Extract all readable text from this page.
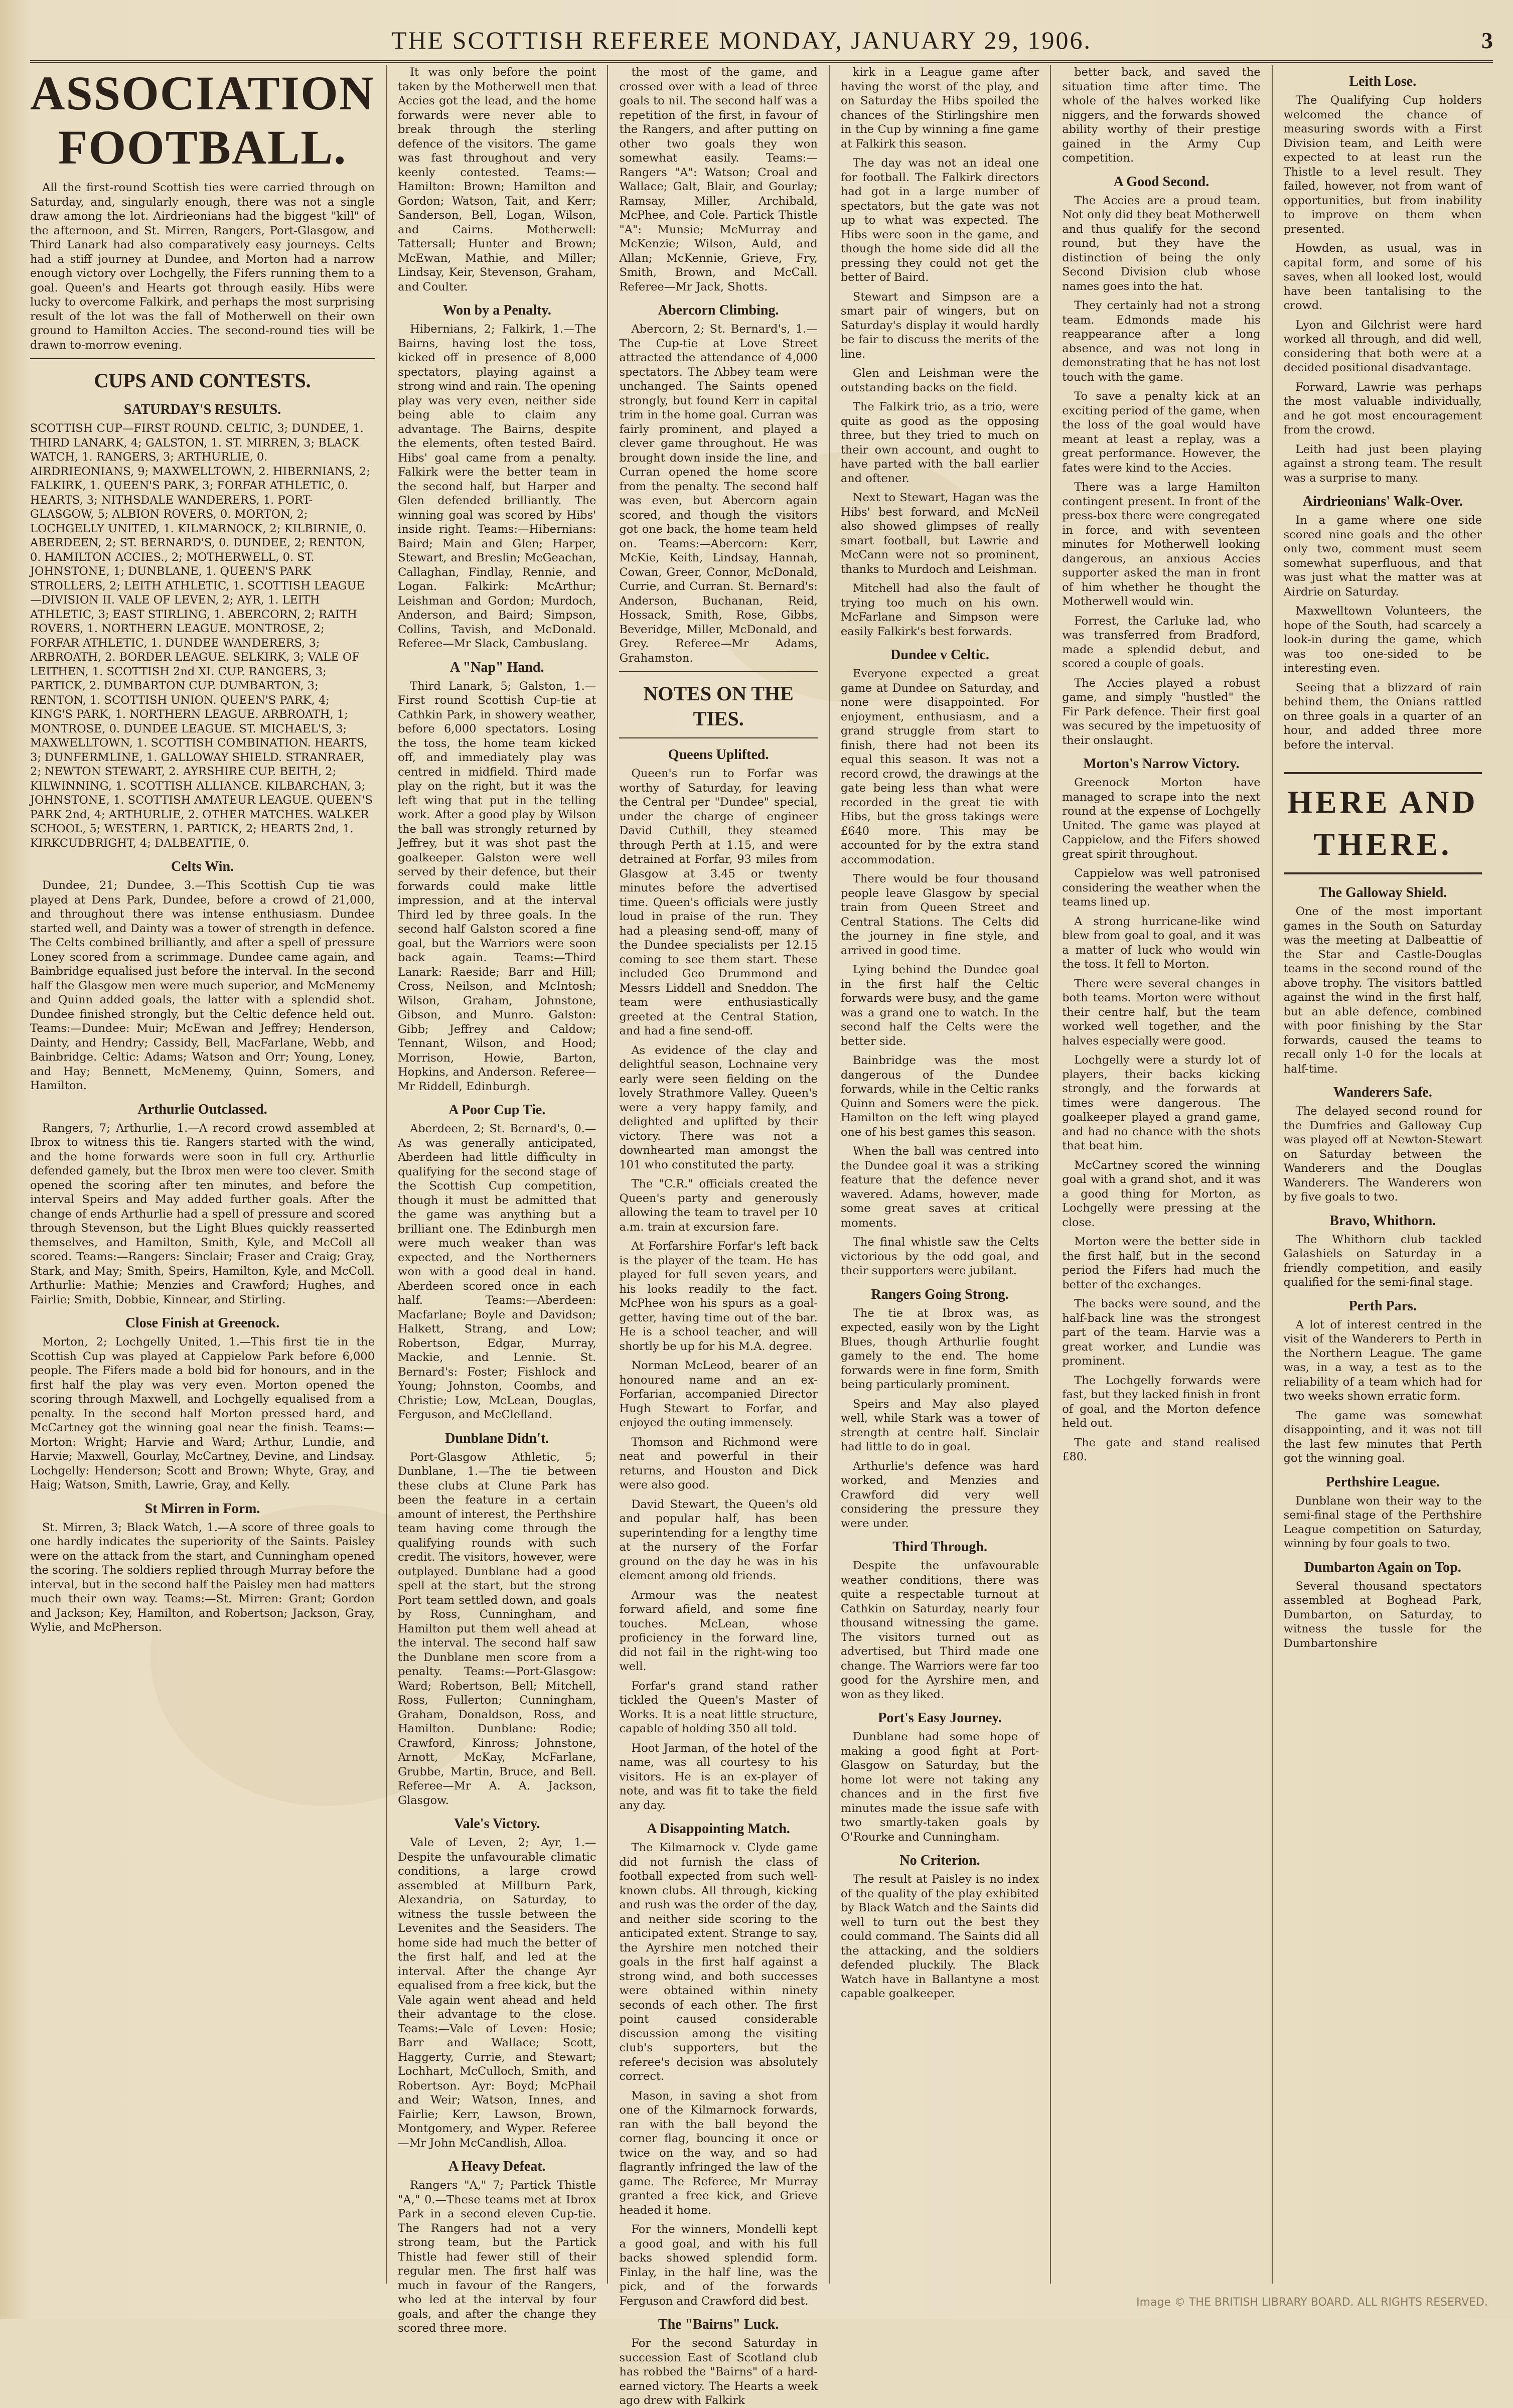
THE SCOTTISH REFEREE MONDAY, JANUARY 29, 1906.	3
ASSOCIATION FOOTBALL.

All the first-round Scottish ties were carried through on Saturday, and, singularly enough, there was not a single draw among the lot. Airdrieonians had the biggest "kill" of the afternoon, and St. Mirren, Rangers, Port-Glasgow, and Third Lanark had also comparatively easy journeys. Celts had a stiff journey at Dundee, and Morton had a narrow enough victory over Lochgelly, the Fifers running them to a goal. Queen's and Hearts got through easily. Hibs were lucky to overcome Falkirk, and perhaps the most surprising result of the lot was the fall of Motherwell on their own ground to Hamilton Accies. The second-round ties will be drawn to-morrow evening.

CUPS AND CONTESTS.
SATURDAY'S RESULTS.

SCOTTISH CUP—FIRST ROUND. CELTIC, 3; DUNDEE, 1. THIRD LANARK, 4; GALSTON, 1. ST. MIRREN, 3; BLACK WATCH, 1. RANGERS, 3; ARTHURLIE, 0. AIRDRIEONIANS, 9; MAXWELLTOWN, 2. HIBERNIANS, 2; FALKIRK, 1. QUEEN'S PARK, 3; FORFAR ATHLETIC, 0. HEARTS, 3; NITHSDALE WANDERERS, 1. PORT-GLASGOW, 5; ALBION ROVERS, 0. MORTON, 2; LOCHGELLY UNITED, 1. KILMARNOCK, 2; KILBIRNIE, 0. ABERDEEN, 2; ST. BERNARD'S, 0. DUNDEE, 2; RENTON, 0. HAMILTON ACCIES., 2; MOTHERWELL, 0. ST. JOHNSTONE, 1; DUNBLANE, 1. QUEEN'S PARK STROLLERS, 2; LEITH ATHLETIC, 1. SCOTTISH LEAGUE—DIVISION II. VALE OF LEVEN, 2; AYR, 1. LEITH ATHLETIC, 3; EAST STIRLING, 1. ABERCORN, 2; RAITH ROVERS, 1. NORTHERN LEAGUE. MONTROSE, 2; FORFAR ATHLETIC, 1. DUNDEE WANDERERS, 3; ARBROATH, 2. BORDER LEAGUE. SELKIRK, 3; VALE OF LEITHEN, 1. SCOTTISH 2nd XI. CUP. RANGERS, 3; PARTICK, 2. DUMBARTON CUP. DUMBARTON, 3; RENTON, 1. SCOTTISH UNION. QUEEN'S PARK, 4; KING'S PARK, 1. NORTHERN LEAGUE. ARBROATH, 1; MONTROSE, 0. DUNDEE LEAGUE. ST. MICHAEL'S, 3; MAXWELLTOWN, 1. SCOTTISH COMBINATION. HEARTS, 3; DUNFERMLINE, 1. GALLOWAY SHIELD. STRANRAER, 2; NEWTON STEWART, 2. AYRSHIRE CUP. BEITH, 2; KILWINNING, 1. SCOTTISH ALLIANCE. KILBARCHAN, 3; JOHNSTONE, 1. SCOTTISH AMATEUR LEAGUE. QUEEN'S PARK 2nd, 4; ARTHURLIE, 2. OTHER MATCHES. WALKER SCHOOL, 5; WESTERN, 1. PARTICK, 2; HEARTS 2nd, 1. KIRKCUDBRIGHT, 4; DALBEATTIE, 0.

Celts Win.

Dundee, 21; Dundee, 3.—This Scottish Cup tie was played at Dens Park, Dundee, before a crowd of 21,000, and throughout there was intense enthusiasm. Dundee started well, and Dainty was a tower of strength in defence. The Celts combined brilliantly, and after a spell of pressure Loney scored from a scrimmage. Dundee came again, and Bainbridge equalised just before the interval. In the second half the Glasgow men were much superior, and McMenemy and Quinn added goals, the latter with a splendid shot. Dundee finished strongly, but the Celtic defence held out. Teams:—Dundee: Muir; McEwan and Jeffrey; Henderson, Dainty, and Hendry; Cassidy, Bell, MacFarlane, Webb, and Bainbridge. Celtic: Adams; Watson and Orr; Young, Loney, and Hay; Bennett, McMenemy, Quinn, Somers, and Hamilton.

Arthurlie Outclassed.

Rangers, 7; Arthurlie, 1.—A record crowd assembled at Ibrox to witness this tie. Rangers started with the wind, and the home forwards were soon in full cry. Arthurlie defended gamely, but the Ibrox men were too clever. Smith opened the scoring after ten minutes, and before the interval Speirs and May added further goals. After the change of ends Arthurlie had a spell of pressure and scored through Stevenson, but the Light Blues quickly reasserted themselves, and Hamilton, Smith, Kyle, and McColl all scored. Teams:—Rangers: Sinclair; Fraser and Craig; Gray, Stark, and May; Smith, Speirs, Hamilton, Kyle, and McColl. Arthurlie: Mathie; Menzies and Crawford; Hughes, and Fairlie; Smith, Dobbie, Kinnear, and Stirling.

Close Finish at Greenock.

Morton, 2; Lochgelly United, 1.—This first tie in the Scottish Cup was played at Cappielow Park before 6,000 people. The Fifers made a bold bid for honours, and in the first half the play was very even. Morton opened the scoring through Maxwell, and Lochgelly equalised from a penalty. In the second half Morton pressed hard, and McCartney got the winning goal near the finish. Teams:—Morton: Wright; Harvie and Ward; Arthur, Lundie, and Harvie; Maxwell, Gourlay, McCartney, Devine, and Lindsay. Lochgelly: Henderson; Scott and Brown; Whyte, Gray, and Haig; Watson, Smith, Lawrie, Gray, and Kelly.

St Mirren in Form.

St. Mirren, 3; Black Watch, 1.—A score of three goals to one hardly indicates the superiority of the Saints. Paisley were on the attack from the start, and Cunningham opened the scoring. The soldiers replied through Murray before the interval, but in the second half the Paisley men had matters much their own way. Teams:—St. Mirren: Grant; Gordon and Jackson; Key, Hamilton, and Robertson; Jackson, Gray, Wylie, and McPherson.

It was only before the point taken by the Motherwell men that Accies got the lead, and the home forwards were never able to break through the sterling defence of the visitors. The game was fast throughout and very keenly contested. Teams:—Hamilton: Brown; Hamilton and Gordon; Watson, Tait, and Kerr; Sanderson, Bell, Logan, Wilson, and Cairns. Motherwell: Tattersall; Hunter and Brown; McEwan, Mathie, and Miller; Lindsay, Keir, Stevenson, Graham, and Coulter.

Won by a Penalty.

Hibernians, 2; Falkirk, 1.—The Bairns, having lost the toss, kicked off in presence of 8,000 spectators, playing against a strong wind and rain. The opening play was very even, neither side being able to claim any advantage. The Bairns, despite the elements, often tested Baird. Hibs' goal came from a penalty. Falkirk were the better team in the second half, but Harper and Glen defended brilliantly. The winning goal was scored by Hibs' inside right. Teams:—Hibernians: Baird; Main and Glen; Harper, Stewart, and Breslin; McGeachan, Callaghan, Findlay, Rennie, and Logan. Falkirk: McArthur; Leishman and Gordon; Murdoch, Anderson, and Baird; Simpson, Collins, Tavish, and McDonald. Referee—Mr Slack, Cambuslang.

A "Nap" Hand.

Third Lanark, 5; Galston, 1.—First round Scottish Cup-tie at Cathkin Park, in showery weather, before 6,000 spectators. Losing the toss, the home team kicked off, and immediately play was centred in midfield. Third made play on the right, but it was the left wing that put in the telling work. After a good play by Wilson the ball was strongly returned by Jeffrey, but it was shot past the goalkeeper. Galston were well served by their defence, but their forwards could make little impression, and at the interval Third led by three goals. In the second half Galston scored a fine goal, but the Warriors were soon back again. Teams:—Third Lanark: Raeside; Barr and Hill; Cross, Neilson, and McIntosh; Wilson, Graham, Johnstone, Gibson, and Munro. Galston: Gibb; Jeffrey and Caldow; Tennant, Wilson, and Hood; Morrison, Howie, Barton, Hopkins, and Anderson. Referee—Mr Riddell, Edinburgh.

A Poor Cup Tie.

Aberdeen, 2; St. Bernard's, 0.—As was generally anticipated, Aberdeen had little difficulty in qualifying for the second stage of the Scottish Cup competition, though it must be admitted that the game was anything but a brilliant one. The Edinburgh men were much weaker than was expected, and the Northerners won with a good deal in hand. Aberdeen scored once in each half. Teams:—Aberdeen: Macfarlane; Boyle and Davidson; Halkett, Strang, and Low; Robertson, Edgar, Murray, Mackie, and Lennie. St. Bernard's: Foster; Fishlock and Young; Johnston, Coombs, and Christie; Low, McLean, Douglas, Ferguson, and McClelland.

Dunblane Didn't.

Port-Glasgow Athletic, 5; Dunblane, 1.—The tie between these clubs at Clune Park has been the feature in a certain amount of interest, the Perthshire team having come through the qualifying rounds with such credit. The visitors, however, were outplayed. Dunblane had a good spell at the start, but the strong Port team settled down, and goals by Ross, Cunningham, and Hamilton put them well ahead at the interval. The second half saw the Dunblane men score from a penalty. Teams:—Port-Glasgow: Ward; Robertson, Bell; Mitchell, Ross, Fullerton; Cunningham, Graham, Donaldson, Ross, and Hamilton. Dunblane: Rodie; Crawford, Kinross; Johnstone, Arnott, McKay, McFarlane, Grubbe, Martin, Bruce, and Bell. Referee—Mr A. A. Jackson, Glasgow.

Vale's Victory.

Vale of Leven, 2; Ayr, 1.—Despite the unfavourable climatic conditions, a large crowd assembled at Millburn Park, Alexandria, on Saturday, to witness the tussle between the Levenites and the Seasiders. The home side had much the better of the first half, and led at the interval. After the change Ayr equalised from a free kick, but the Vale again went ahead and held their advantage to the close. Teams:—Vale of Leven: Hosie; Barr and Wallace; Scott, Haggerty, Currie, and Stewart; Lochhart, McCulloch, Smith, and Robertson. Ayr: Boyd; McPhail and Weir; Watson, Innes, and Fairlie; Kerr, Lawson, Brown, Montgomery, and Wyper. Referee—Mr John McCandlish, Alloa.

A Heavy Defeat.

Rangers "A," 7; Partick Thistle "A," 0.—These teams met at Ibrox Park in a second eleven Cup-tie. The Rangers had not a very strong team, but the Partick Thistle had fewer still of their regular men. The first half was much in favour of the Rangers, who led at the interval by four goals, and after the change they scored three more.

the most of the game, and crossed over with a lead of three goals to nil. The second half was a repetition of the first, in favour of the Rangers, and after putting on other two goals they won somewhat easily. Teams:—Rangers "A": Watson; Croal and Wallace; Galt, Blair, and Gourlay; Ramsay, Miller, Archibald, McPhee, and Cole. Partick Thistle "A": Munsie; McMurray and McKenzie; Wilson, Auld, and Allan; McKennie, Grieve, Fry, Smith, Brown, and McCall. Referee—Mr Jack, Shotts.

Abercorn Climbing.

Abercorn, 2; St. Bernard's, 1.—The Cup-tie at Love Street attracted the attendance of 4,000 spectators. The Abbey team were unchanged. The Saints opened strongly, but found Kerr in capital trim in the home goal. Curran was fairly prominent, and played a clever game throughout. He was brought down inside the line, and Curran opened the home score from the penalty. The second half was even, but Abercorn again scored, and though the visitors got one back, the home team held on. Teams:—Abercorn: Kerr, McKie, Keith, Lindsay, Hannah, Cowan, Greer, Connor, McDonald, Currie, and Curran. St. Bernard's: Anderson, Buchanan, Reid, Hossack, Smith, Rose, Gibbs, Beveridge, Miller, McDonald, and Grey. Referee—Mr Adams, Grahamston.

NOTES ON THE TIES.
Queens Uplifted.

Queen's run to Forfar was worthy of Saturday, for leaving the Central per "Dundee" special, under the charge of engineer David Cuthill, they steamed through Perth at 1.15, and were detrained at Forfar, 93 miles from Glasgow at 3.45 or twenty minutes before the advertised time. Queen's officials were justly loud in praise of the run. They had a pleasing send-off, many of the Dundee specialists per 12.15 coming to see them start. These included Geo Drummond and Messrs Liddell and Sneddon. The team were enthusiastically greeted at the Central Station, and had a fine send-off.

As evidence of the clay and delightful season, Lochnaine very early were seen fielding on the lovely Strathmore Valley. Queen's were a very happy family, and delighted and uplifted by their victory. There was not a downhearted man amongst the 101 who constituted the party.

The "C.R." officials created the Queen's party and generously allowing the team to travel per 10 a.m. train at excursion fare.

At Forfarshire Forfar's left back is the player of the team. He has played for full seven years, and his looks readily to the fact. McPhee won his spurs as a goal-getter, having time out of the bar. He is a school teacher, and will shortly be up for his M.A. degree.

Norman McLeod, bearer of an honoured name and an ex-Forfarian, accompanied Director Hugh Stewart to Forfar, and enjoyed the outing immensely.

Thomson and Richmond were neat and powerful in their returns, and Houston and Dick were also good.

David Stewart, the Queen's old and popular half, has been superintending for a lengthy time at the nursery of the Forfar ground on the day he was in his element among old friends.

Armour was the neatest forward afield, and some fine touches. McLean, whose proficiency in the forward line, did not fail in the right-wing too well.

Forfar's grand stand rather tickled the Queen's Master of Works. It is a neat little structure, capable of holding 350 all told.

Hoot Jarman, of the hotel of the name, was all courtesy to his visitors. He is an ex-player of note, and was fit to take the field any day.

A Disappointing Match.

The Kilmarnock v. Clyde game did not furnish the class of football expected from such well-known clubs. All through, kicking and rush was the order of the day, and neither side scoring to the anticipated extent. Strange to say, the Ayrshire men notched their goals in the first half against a strong wind, and both successes were obtained within ninety seconds of each other. The first point caused considerable discussion among the visiting club's supporters, but the referee's decision was absolutely correct.

Mason, in saving a shot from one of the Kilmarnock forwards, ran with the ball beyond the corner flag, bouncing it once or twice on the way, and so had flagrantly infringed the law of the game. The Referee, Mr Murray granted a free kick, and Grieve headed it home.

For the winners, Mondelli kept a good goal, and with his full backs showed splendid form. Finlay, in the half line, was the pick, and of the forwards Ferguson and Crawford did best.

The "Bairns" Luck.

For the second Saturday in succession East of Scotland club has robbed the "Bairns" of a hard-earned victory. The Hearts a week ago drew with Falkirk

kirk in a League game after having the worst of the play, and on Saturday the Hibs spoiled the chances of the Stirlingshire men in the Cup by winning a fine game at Falkirk this season.

The day was not an ideal one for football. The Falkirk directors had got in a large number of spectators, but the gate was not up to what was expected. The Hibs were soon in the game, and though the home side did all the pressing they could not get the better of Baird.

Stewart and Simpson are a smart pair of wingers, but on Saturday's display it would hardly be fair to discuss the merits of the line.

Glen and Leishman were the outstanding backs on the field.

The Falkirk trio, as a trio, were quite as good as the opposing three, but they tried to much on their own account, and ought to have parted with the ball earlier and oftener.

Next to Stewart, Hagan was the Hibs' best forward, and McNeil also showed glimpses of really smart football, but Lawrie and McCann were not so prominent, thanks to Murdoch and Leishman.

Mitchell had also the fault of trying too much on his own. McFarlane and Simpson were easily Falkirk's best forwards.

Dundee v Celtic.

Everyone expected a great game at Dundee on Saturday, and none were disappointed. For enjoyment, enthusiasm, and a grand struggle from start to finish, there had not been its equal this season. It was not a record crowd, the drawings at the gate being less than what were recorded in the great tie with Hibs, but the gross takings were £640 more. This may be accounted for by the extra stand accommodation.

There would be four thousand people leave Glasgow by special train from Queen Street and Central Stations. The Celts did the journey in fine style, and arrived in good time.

Lying behind the Dundee goal in the first half the Celtic forwards were busy, and the game was a grand one to watch. In the second half the Celts were the better side.

Bainbridge was the most dangerous of the Dundee forwards, while in the Celtic ranks Quinn and Somers were the pick. Hamilton on the left wing played one of his best games this season.

When the ball was centred into the Dundee goal it was a striking feature that the defence never wavered. Adams, however, made some great saves at critical moments.

The final whistle saw the Celts victorious by the odd goal, and their supporters were jubilant.

Rangers Going Strong.

The tie at Ibrox was, as expected, easily won by the Light Blues, though Arthurlie fought gamely to the end. The home forwards were in fine form, Smith being particularly prominent.

Speirs and May also played well, while Stark was a tower of strength at centre half. Sinclair had little to do in goal.

Arthurlie's defence was hard worked, and Menzies and Crawford did very well considering the pressure they were under.

Third Through.

Despite the unfavourable weather conditions, there was quite a respectable turnout at Cathkin on Saturday, nearly four thousand witnessing the game. The visitors turned out as advertised, but Third made one change. The Warriors were far too good for the Ayrshire men, and won as they liked.

Port's Easy Journey.

Dunblane had some hope of making a good fight at Port-Glasgow on Saturday, but the home lot were not taking any chances and in the first five minutes made the issue safe with two smartly-taken goals by O'Rourke and Cunningham.

No Criterion.

The result at Paisley is no index of the quality of the play exhibited by Black Watch and the Saints did well to turn out the best they could command. The Saints did all the attacking, and the soldiers defended pluckily. The Black Watch have in Ballantyne a most capable goalkeeper.

better back, and saved the situation time after time. The whole of the halves worked like niggers, and the forwards showed ability worthy of their prestige gained in the Army Cup competition.

A Good Second.

The Accies are a proud team. Not only did they beat Motherwell and thus qualify for the second round, but they have the distinction of being the only Second Division club whose names goes into the hat.

They certainly had not a strong team. Edmonds made his reappearance after a long absence, and was not long in demonstrating that he has not lost touch with the game.

To save a penalty kick at an exciting period of the game, when the loss of the goal would have meant at least a replay, was a great performance. However, the fates were kind to the Accies.

There was a large Hamilton contingent present. In front of the press-box there were congregated in force, and with seventeen minutes for Motherwell looking dangerous, an anxious Accies supporter asked the man in front of him whether he thought the Motherwell would win.

Forrest, the Carluke lad, who was transferred from Bradford, made a splendid debut, and scored a couple of goals.

The Accies played a robust game, and simply "hustled" the Fir Park defence. Their first goal was secured by the impetuosity of their onslaught.

Morton's Narrow Victory.

Greenock Morton have managed to scrape into the next round at the expense of Lochgelly United. The game was played at Cappielow, and the Fifers showed great spirit throughout.

Cappielow was well patronised considering the weather when the teams lined up.

A strong hurricane-like wind blew from goal to goal, and it was a matter of luck who would win the toss. It fell to Morton.

There were several changes in both teams. Morton were without their centre half, but the team worked well together, and the halves especially were good.

Lochgelly were a sturdy lot of players, their backs kicking strongly, and the forwards at times were dangerous. The goalkeeper played a grand game, and had no chance with the shots that beat him.

McCartney scored the winning goal with a grand shot, and it was a good thing for Morton, as Lochgelly were pressing at the close.

Morton were the better side in the first half, but in the second period the Fifers had much the better of the exchanges.

The backs were sound, and the half-back line was the strongest part of the team. Harvie was a great worker, and Lundie was prominent.

The Lochgelly forwards were fast, but they lacked finish in front of goal, and the Morton defence held out.

The gate and stand realised £80.

Leith Lose.

The Qualifying Cup holders welcomed the chance of measuring swords with a First Division team, and Leith were expected to at least run the Thistle to a level result. They failed, however, not from want of opportunities, but from inability to improve on them when presented.

Howden, as usual, was in capital form, and some of his saves, when all looked lost, would have been tantalising to the crowd.

Lyon and Gilchrist were hard worked all through, and did well, considering that both were at a decided positional disadvantage.

Forward, Lawrie was perhaps the most valuable individually, and he got most encouragement from the crowd.

Leith had just been playing against a strong team. The result was a surprise to many.

Airdrieonians' Walk-Over.

In a game where one side scored nine goals and the other only two, comment must seem somewhat superfluous, and that was just what the matter was at Airdrie on Saturday.

Maxwelltown Volunteers, the hope of the South, had scarcely a look-in during the game, which was too one-sided to be interesting even.

Seeing that a blizzard of rain behind them, the Onians rattled on three goals in a quarter of an hour, and added three more before the interval.

HERE AND THERE.
The Galloway Shield.

One of the most important games in the South on Saturday was the meeting at Dalbeattie of the Star and Castle-Douglas teams in the second round of the above trophy. The visitors battled against the wind in the first half, but an able defence, combined with poor finishing by the Star forwards, caused the teams to recall only 1-0 for the locals at half-time.

Wanderers Safe.

The delayed second round for the Dumfries and Galloway Cup was played off at Newton-Stewart on Saturday between the Wanderers and the Douglas Wanderers. The Wanderers won by five goals to two.

Bravo, Whithorn.

The Whithorn club tackled Galashiels on Saturday in a friendly competition, and easily qualified for the semi-final stage.

Perth Pars.

A lot of interest centred in the visit of the Wanderers to Perth in the Northern League. The game was, in a way, a test as to the reliability of a team which had for two weeks shown erratic form.

The game was somewhat disappointing, and it was not till the last few minutes that Perth got the winning goal.

Perthshire League.

Dunblane won their way to the semi-final stage of the Perthshire League competition on Saturday, winning by four goals to two.

Dumbarton Again on Top.

Several thousand spectators assembled at Boghead Park, Dumbarton, on Saturday, to witness the tussle for the Dumbartonshire

Image © THE BRITISH LIBRARY BOARD. ALL RIGHTS RESERVED.
